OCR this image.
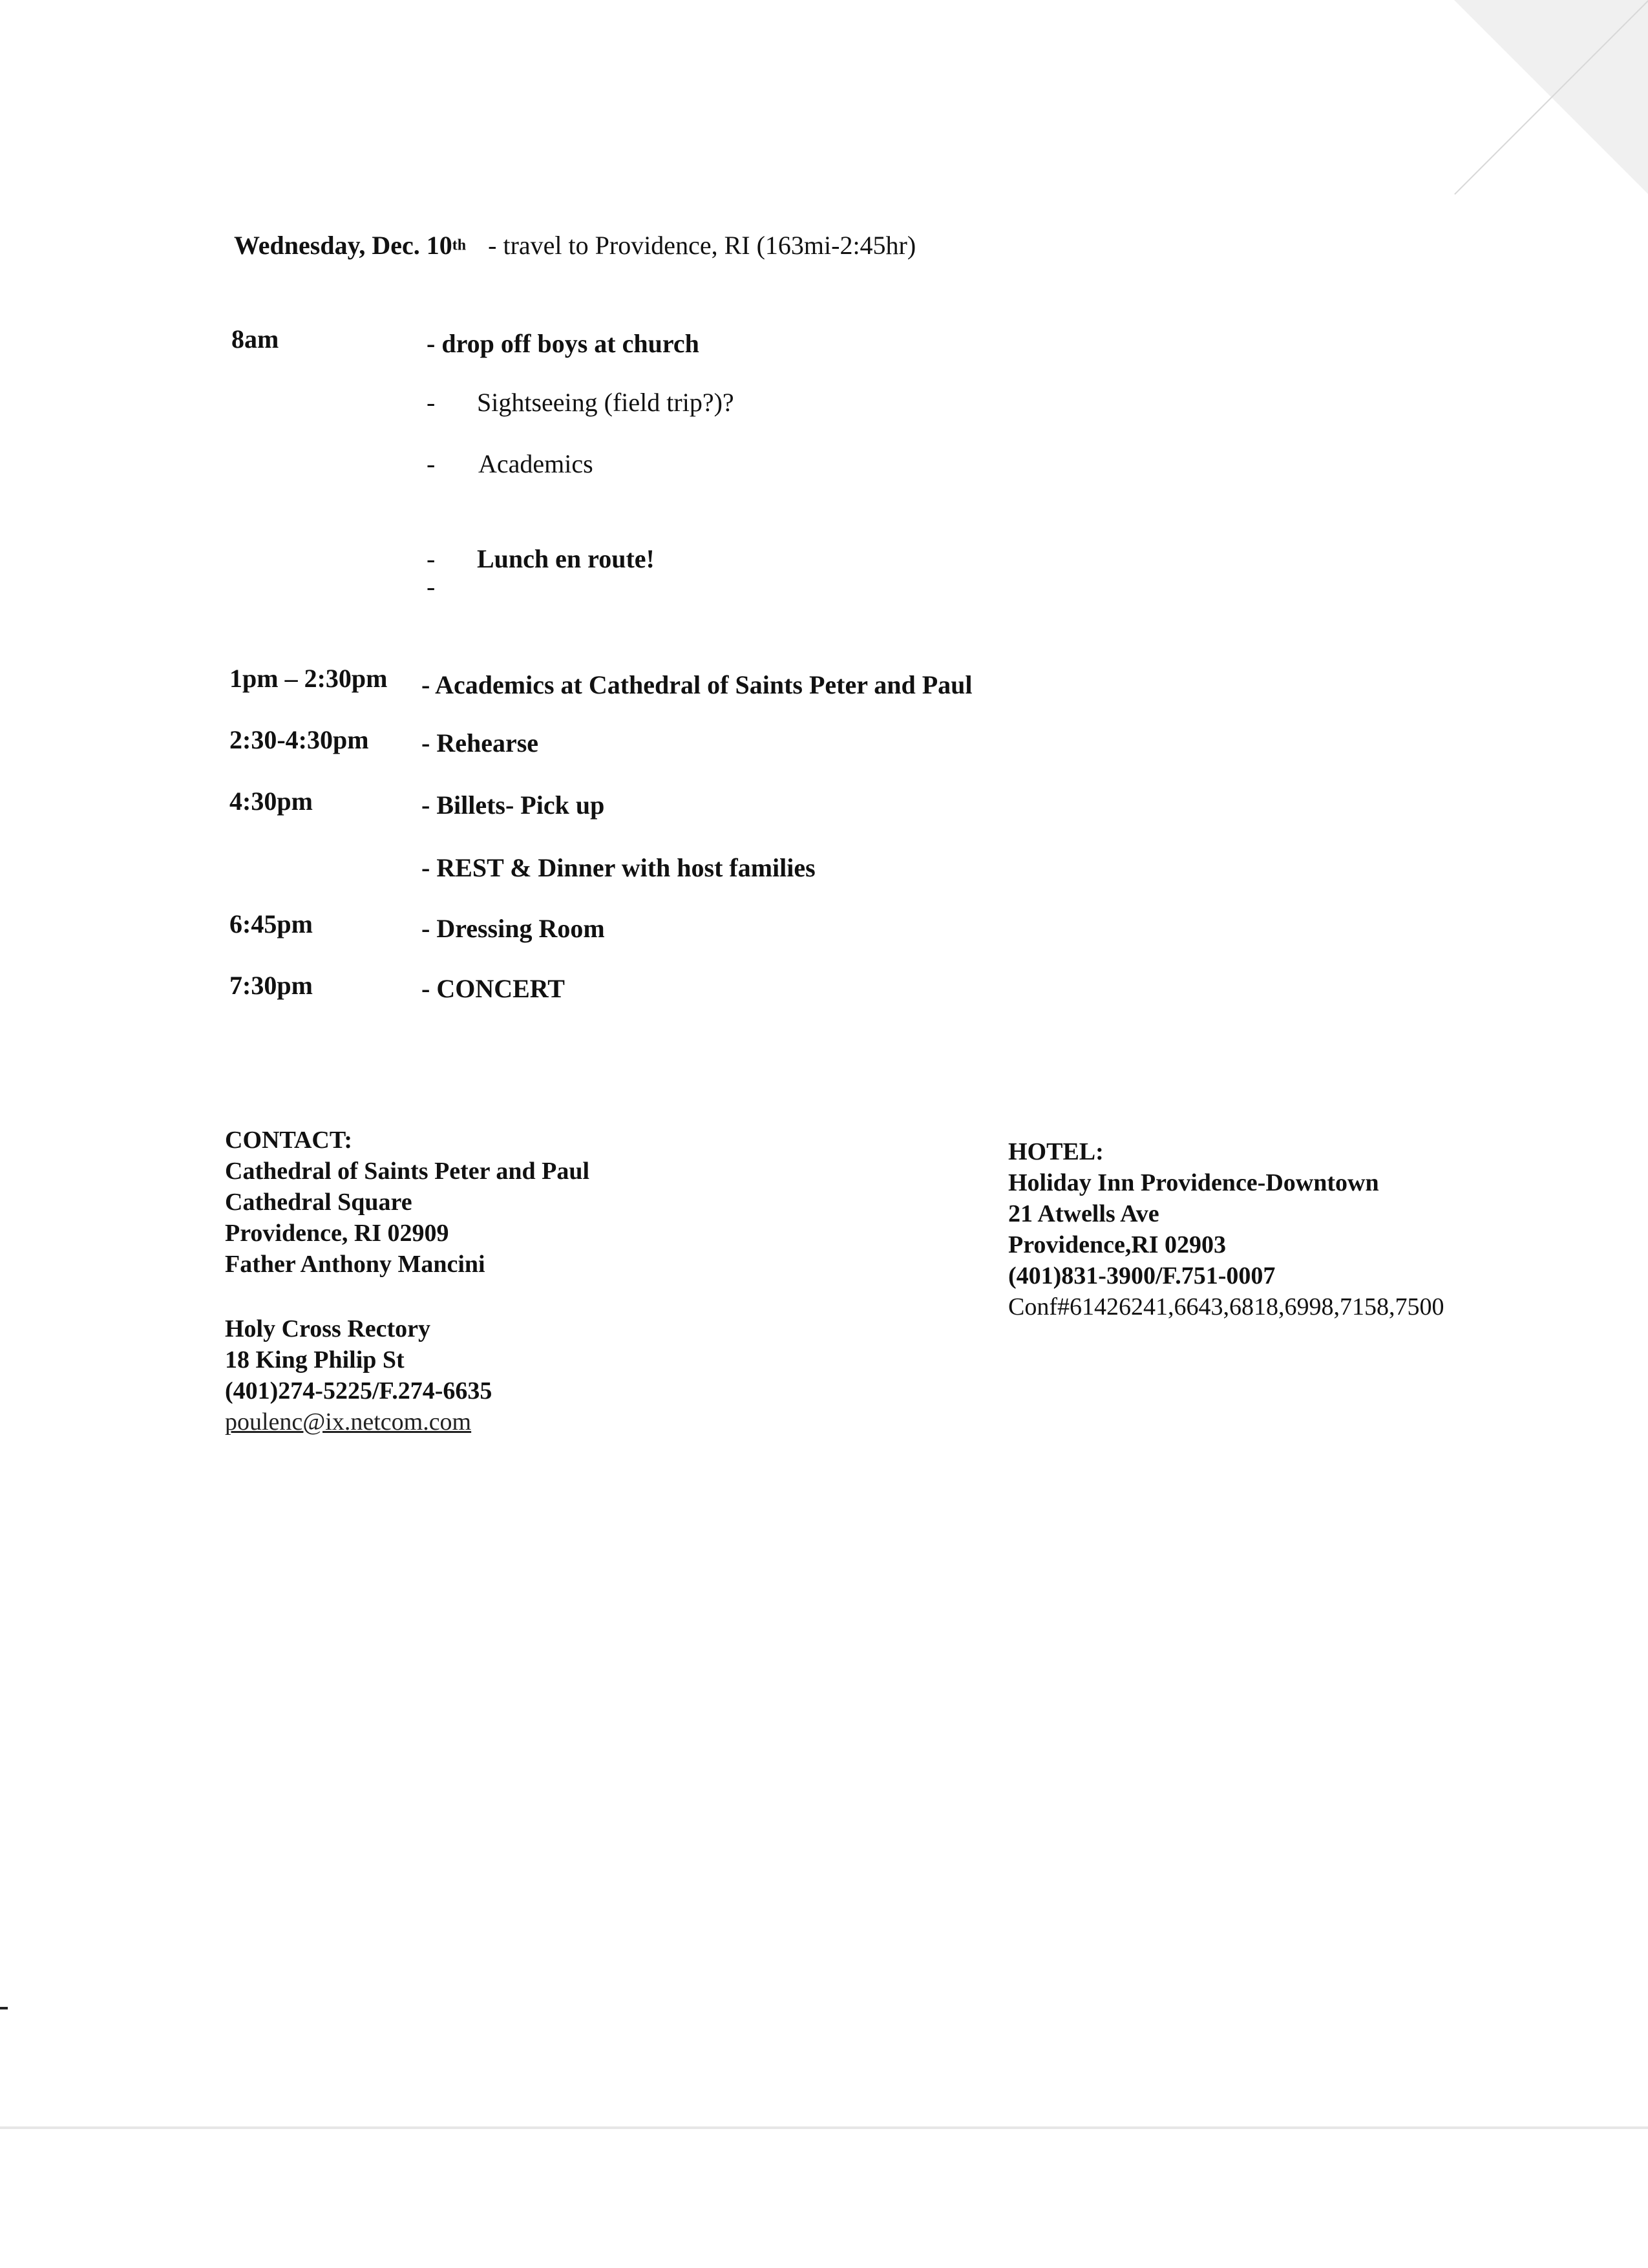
Wednesday, Dec. 10th - travel to Providence, RI (163mi-2:45hr)
8am	- drop off boys at church
- Sightseeing (field trip?)?
- Academics
- Lunch en route!
-
1pm – 2:30pm - Academics at Cathedral of Saints Peter and Paul
2:30-4:30pm - Rehearse
4:30pm	- Billets- Pick up
- REST & Dinner with host families
6:45pm	- Dressing Room
7:30pm	- CONCERT
CONTACT:
Cathedral of Saints Peter and Paul
Cathedral Square
Providence, RI 02909
Father Anthony Mancini
Holy Cross Rectory
18 King Philip St
(401)274-5225/F.274-6635
poulenc@ix.netcom.com
HOTEL:
Holiday Inn Providence-Downtown
21 Atwells Ave
Providence,RI 02903
(401)831-3900/F.751-0007
Conf#61426241,6643,6818,6998,7158,7500
